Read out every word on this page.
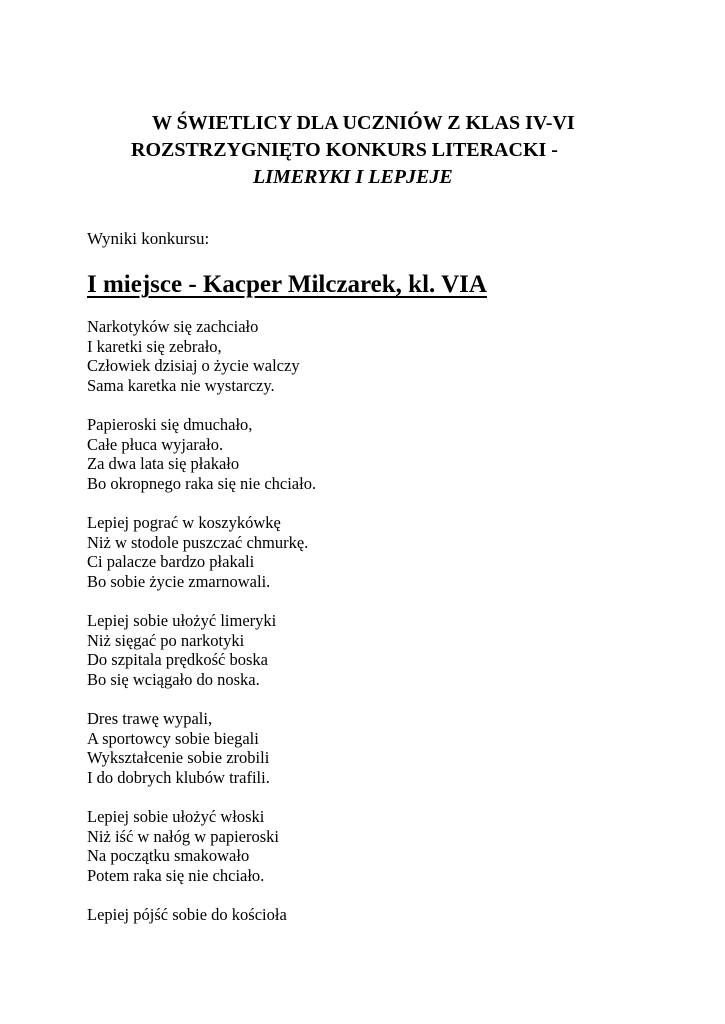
W ŚWIETLICY DLA UCZNIÓW Z KLAS IV-VI
ROZSTRZYGNIĘTO KONKURS LITERACKI -
LIMERYKI I LEPJEJE
Wyniki konkursu:
I miejsce - Kacper Milczarek, kl. VIA
Narkotyków się zachciało
I karetki się zebrało,
Człowiek dzisiaj o życie walczy
Sama karetka nie wystarczy.
Papieroski się dmuchało,
Całe płuca wyjarało.
Za dwa lata się płakało
Bo okropnego raka się nie chciało.
Lepiej pograć w koszykówkę
Niż w stodole puszczać chmurkę.
Ci palacze bardzo płakali
Bo sobie życie zmarnowali.
Lepiej sobie ułożyć limeryki
Niż sięgać po narkotyki
Do szpitala prędkość boska
Bo się wciągało do noska.
Dres trawę wypali,
A sportowcy sobie biegali
Wykształcenie sobie zrobili
I do dobrych klubów trafili.
Lepiej sobie ułożyć włoski
Niż iść w nałóg w papieroski
Na początku smakowało
Potem raka się nie chciało.
Lepiej pójść sobie do kościoła
